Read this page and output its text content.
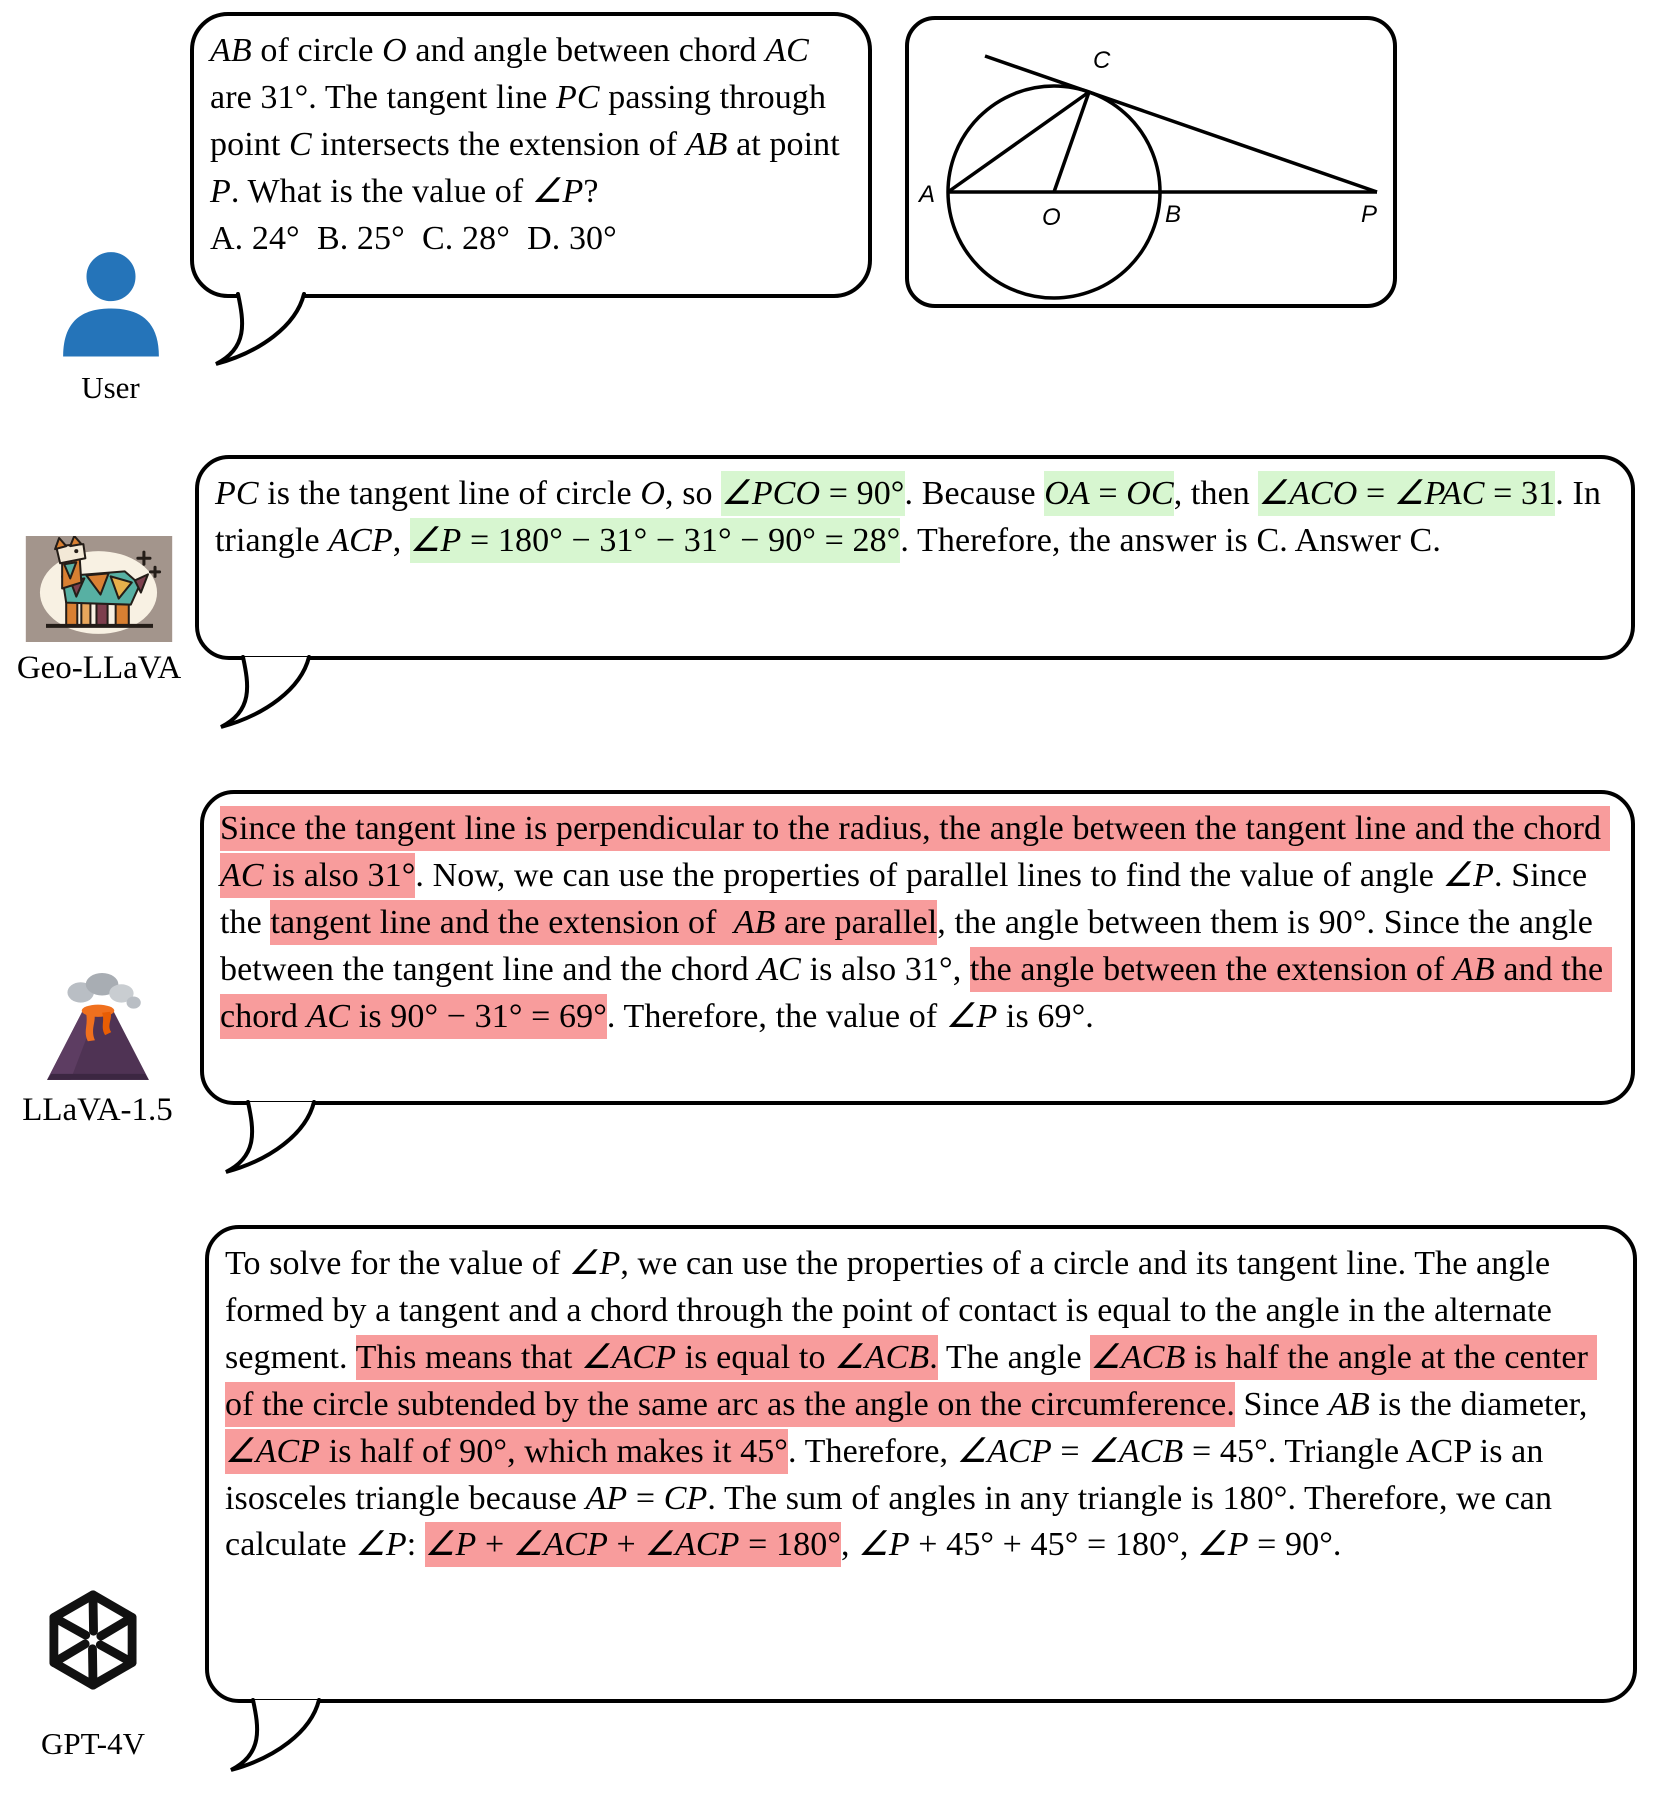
User
AB of circle O and angle between chord AC are 31°. The tangent line PC passing through point C intersects the extension of AB at point P. What is the value of ∠P?
A. 24°  B. 25°  C. 28°  D. 30°
A
O	B	P
C
Geo-LLaVA
PC is the tangent line of circle O, so ∠PCO = 90°. Because OA = OC, then ∠ACO = ∠PAC = 31. In triangle ACP, ∠P = 180° − 31° − 31° − 90° = 28°. Therefore, the answer is C. Answer C.
LLaVA-1.5
Since the tangent line is perpendicular to the radius, the angle between the tangent line and the chord AC is also 31°. Now, we can use the properties of parallel lines to find the value of angle ∠P. Since the tangent line and the extension of  AB are parallel, the angle between them is 90°. Since the angle between the tangent line and the chord AC is also 31°, the angle between the extension of AB and the chord AC is 90° − 31° = 69°. Therefore, the value of ∠P is 69°.
GPT-4V
To solve for the value of ∠P, we can use the properties of a circle and its tangent line. The angle formed by a tangent and a chord through the point of contact is equal to the angle in the alternate segment. This means that ∠ACP is equal to ∠ACB. The angle ∠ACB is half the angle at the center of the circle subtended by the same arc as the angle on the circumference. Since AB is the diameter, ∠ACP is half of 90°, which makes it 45°. Therefore, ∠ACP = ∠ACB = 45°. Triangle ACP is an isosceles triangle because AP = CP. The sum of angles in any triangle is 180°. Therefore, we can calculate ∠P: ∠P + ∠ACP + ∠ACP = 180°, ∠P + 45° + 45° = 180°, ∠P = 90°.
